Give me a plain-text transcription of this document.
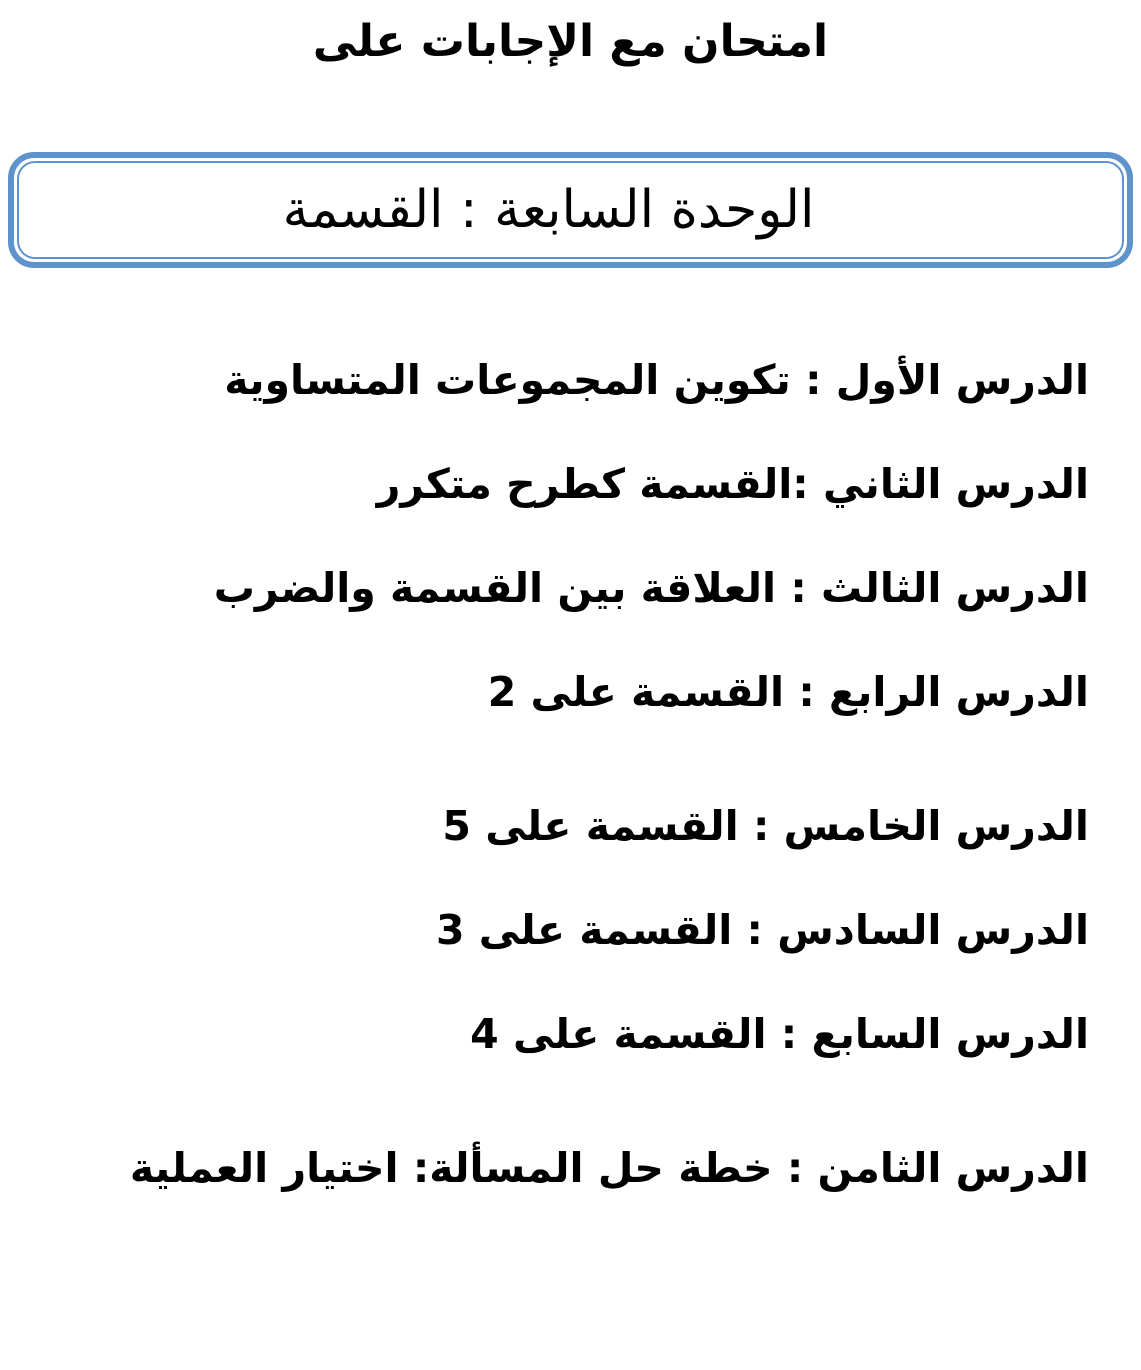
امتحان مع الإجابات على
الوحدة السابعة : القسمة
الدرس الأول : تكوين المجموعات المتساوية
الدرس الثاني :القسمة كطرح متكرر
الدرس الثالث : العلاقة بين القسمة والضرب
الدرس الرابع : القسمة على 2
الدرس الخامس : القسمة على 5
الدرس السادس : القسمة على 3
الدرس السابع : القسمة على 4
الدرس الثامن : خطة حل المسألة: اختيار العملية
